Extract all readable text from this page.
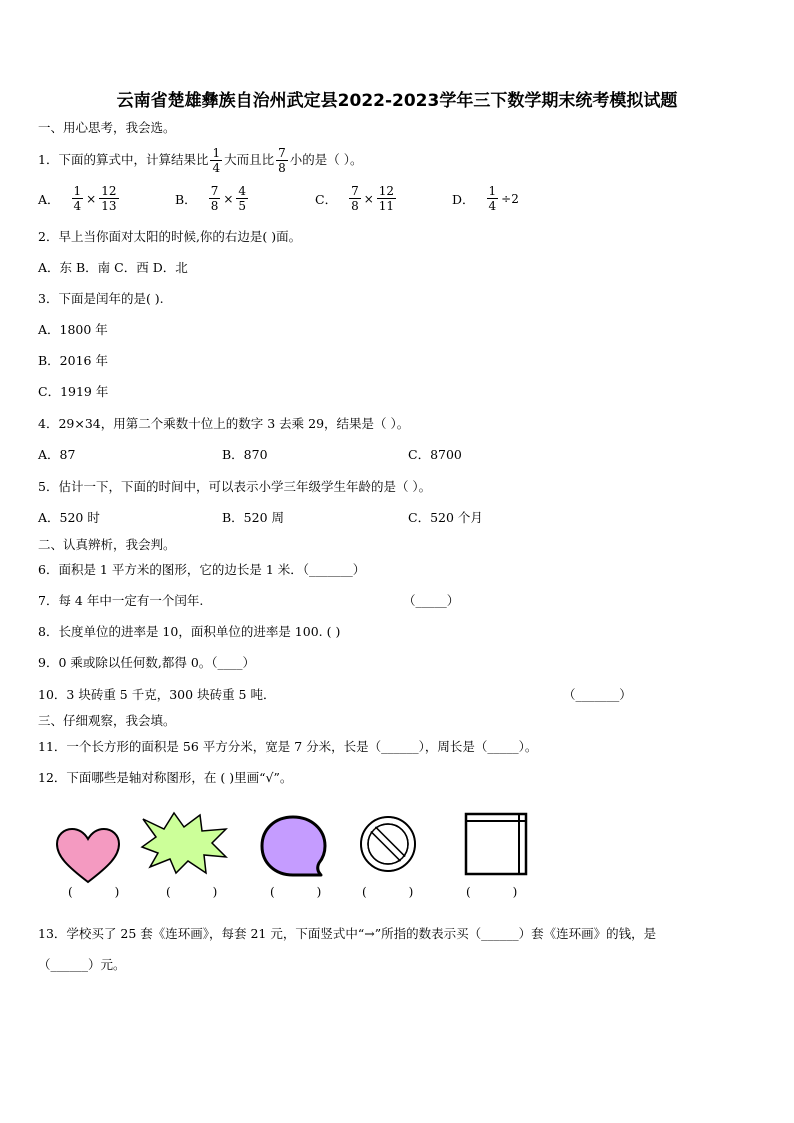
云南省楚雄彝族自治州武定县2022-2023学年三下数学期末统考模拟试题
一、用心思考，我会选。
1．下面的算式中，计算结果比 $\frac{1}{4}$ 大而且比 $\frac{7}{8}$ 小的是（ ）。
A． $\frac{1}{4} \times \frac{12}{13}$	B． $\frac{7}{8} \times \frac{4}{5}$	C． $\frac{7}{8} \times \frac{12}{11}$	D． $\frac{1}{4} \div 2$
2．早上当你面对太阳的时候,你的右边是( )面。
A．东 B．南 C．西 D．北
3．下面是闰年的是( ).
A．1800 年
B．2016 年
C．1919 年
4．29×34，用第二个乘数十位上的数字 3 去乘 29，结果是（ ）。
A．87	B．870	C．8700
5．估计一下，下面的时间中，可以表示小学三年级学生年龄的是（ ）。
A．520 时	B．520 周	C．520 个月
二、认真辨析，我会判。
6．面积是 1 平方米的图形，它的边长是 1 米．（_______）
7．每 4 年中一定有一个闰年.	（_____）
8．长度单位的进率是 10，面积单位的进率是 100. ( )
9．0 乘或除以任何数,都得 0。（____）
10．3 块砖重 5 千克，300 块砖重 5 吨．	（_______）
三、仔细观察，我会填。
11．一个长方形的面积是 56 平方分米，宽是 7 分米，长是（______），周长是（_____）。
12．下面哪些是轴对称图形，在 ( )里画“√”。
(           )	(           )	(           )	(           )	(           )
13．学校买了 25 套《连环画》，每套 21 元，下面竖式中“→”所指的数表示买（______）套《连环画》的钱，是
（______）元。
